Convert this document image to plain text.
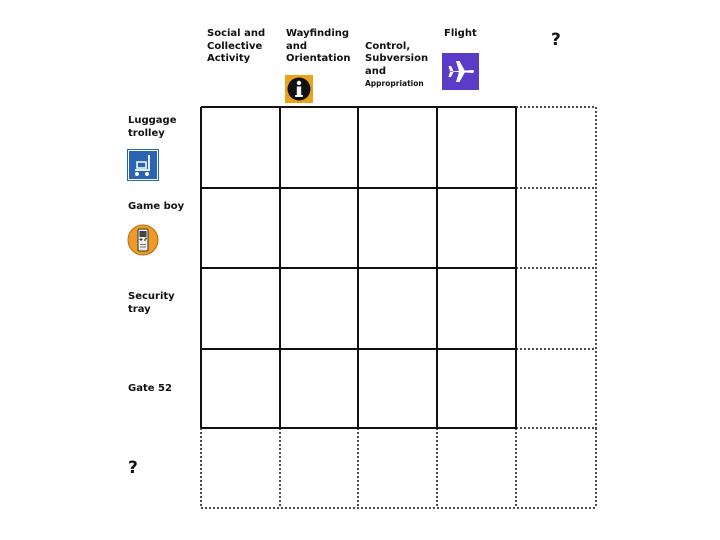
Social and
Collective
Activity
Wayfinding
and
Orientation

Control,
Subversion
and

Appropriation

Flight	?
Luggage
trolley
Game boy
Security
tray
Gate 52
?
